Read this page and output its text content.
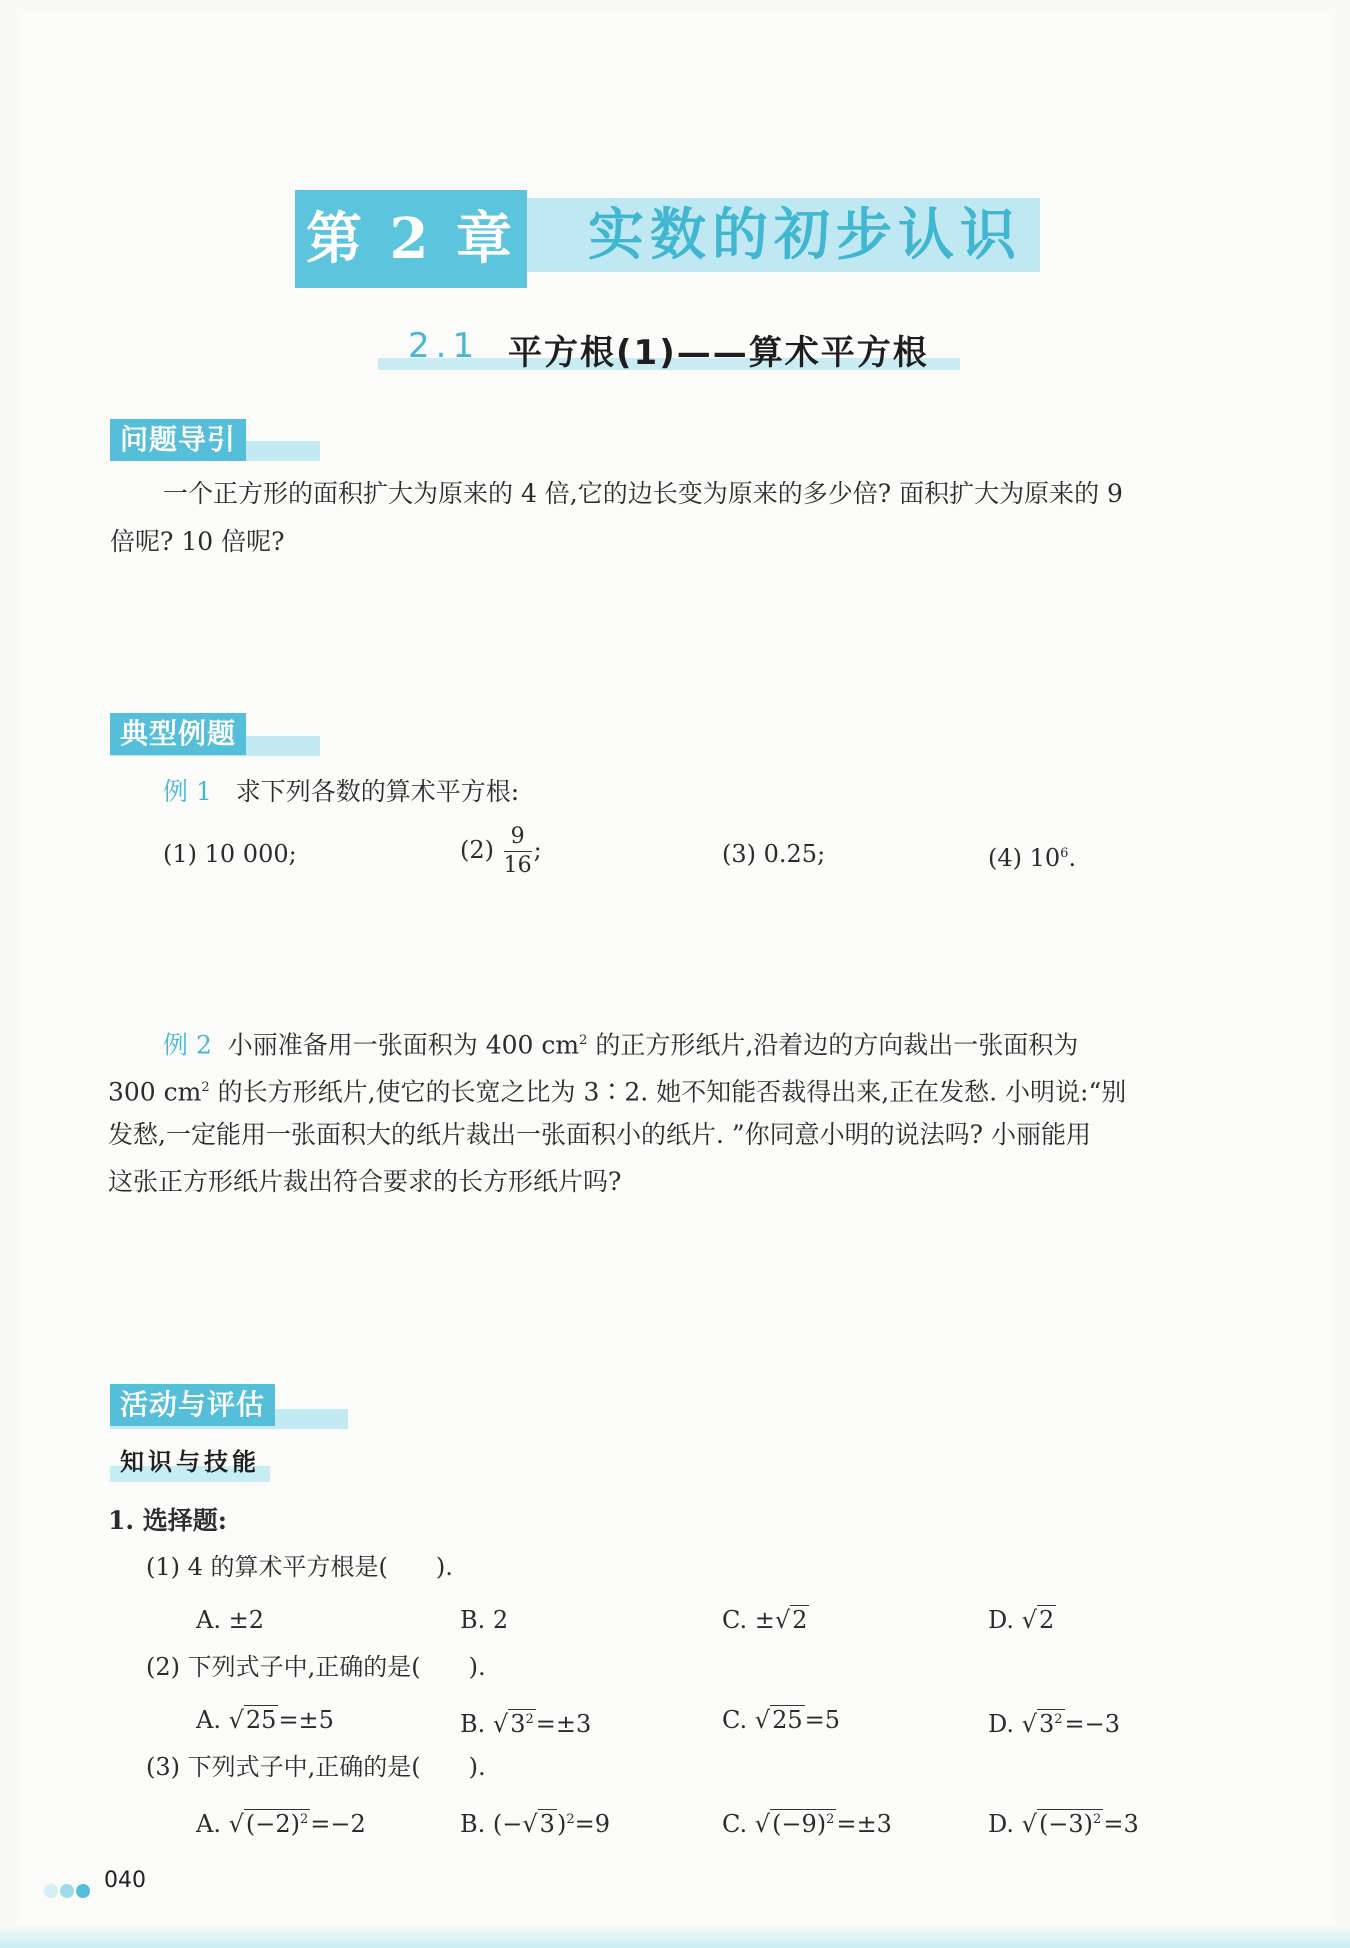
第 2 章	实数的初步认识
2.1 平方根(1)——算术平方根
问题导引
一个正方形的面积扩大为原来的 4 倍,它的边长变为原来的多少倍? 面积扩大为原来的 9
倍呢? 10 倍呢?
典型例题
例 1 求下列各数的算术平方根:
(1) 10 000;	$(2) \frac{9}{16}$ ;	(3) 0.25;	(4) $10^6$.
例 2 小丽准备用一张面积为 400 $cm^2$ 的正方形纸片,沿着边的方向裁出一张面积为
300 $cm^2$ 的长方形纸片,使它的长宽之比为 3∶2. 她不知能否裁得出来,正在发愁. 小明说:“别
发愁,一定能用一张面积大的纸片裁出一张面积小的纸片. ”你同意小明的说法吗? 小丽能用
这张正方形纸片裁出符合要求的长方形纸片吗?
活动与评估
知识与技能
1. 选择题:
(1) 4 的算术平方根是(　　).
A. ±2	B. 2	C. ±√2	D. √2
(2) 下列式子中,正确的是(　　).
A. √25=±5	B. $√3^2=\pm 3$	C. √25=5	D. $√3^2=-3$
(3) 下列式子中,正确的是(　　).
A. $√(-2)^2=-2$	B. $(-√3)^2=9$	C. $√(-9)^2=\pm 3$	D. $√(-3)^2=3$
040
